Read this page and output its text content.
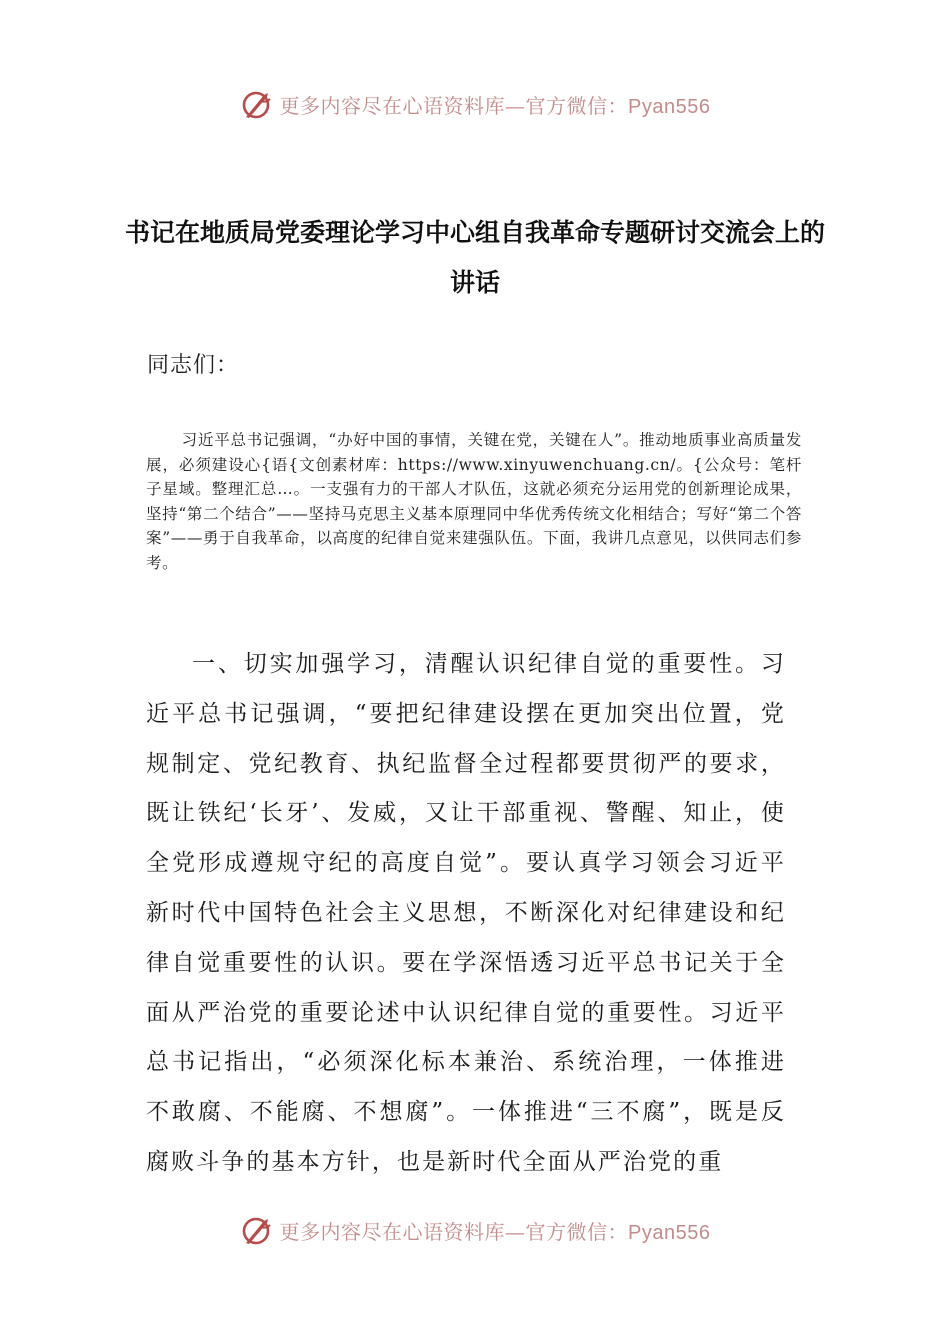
更多内容尽在心语资料库—官方微信：Pyan556
书记在地质局党委理论学习中心组自我革命专题研讨交流会上的讲话

同志们：

习近平总书记强调，“办好中国的事情，关键在党，关键在人”。推动地质事业高质量发展，必须建设心{语{文创素材库：https://www.xinyuwenchuang.cn/。{公众号：笔杆子星域。整理汇总…。一支强有力的干部人才队伍，这就必须充分运用党的创新理论成果，坚持“第二个结合”——坚持马克思主义基本原理同中华优秀传统文化相结合；写好“第二个答案”——勇于自我革命，以高度的纪律自觉来建强队伍。下面，我讲几点意见，以供同志们参考。

一、切实加强学习，清醒认识纪律自觉的重要性。习近平总书记强调，“要把纪律建设摆在更加突出位置，党规制定、党纪教育、执纪监督全过程都要贯彻严的要求，既让铁纪‘长牙’、发威，又让干部重视、警醒、知止，使全党形成遵规守纪的高度自觉”。要认真学习领会习近平新时代中国特色社会主义思想，不断深化对纪律建设和纪律自觉重要性的认识。要在学深悟透习近平总书记关于全面从严治党的重要论述中认识纪律自觉的重要性。习近平总书记指出，“必须深化标本兼治、系统治理，一体推进不敢腐、不能腐、不想腐”。一体推进“三不腐”，既是反腐败斗争的基本方针，也是新时代全面从严治党的重

更多内容尽在心语资料库—官方微信：Pyan556
